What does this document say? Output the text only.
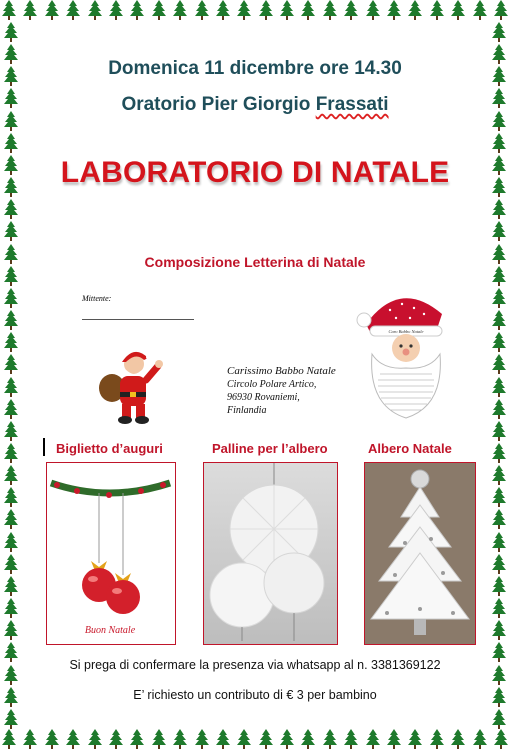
Domenica 11 dicembre ore 14.30
Oratorio Pier Giorgio Frassati
LABORATORIO DI NATALE
Composizione Letterina di Natale
Mittente:
Carissimo Babbo Natale
Circolo Polare Artico,
96930 Rovaniemi,
Finlandia
Caro Babbo Natale
Biglietto d’auguri	Palline per l’albero	Albero Natale
Buon Natale
Si prega di confermare la presenza via whatsapp al n. 3381369122
E’ richiesto un contributo di € 3 per bambino
